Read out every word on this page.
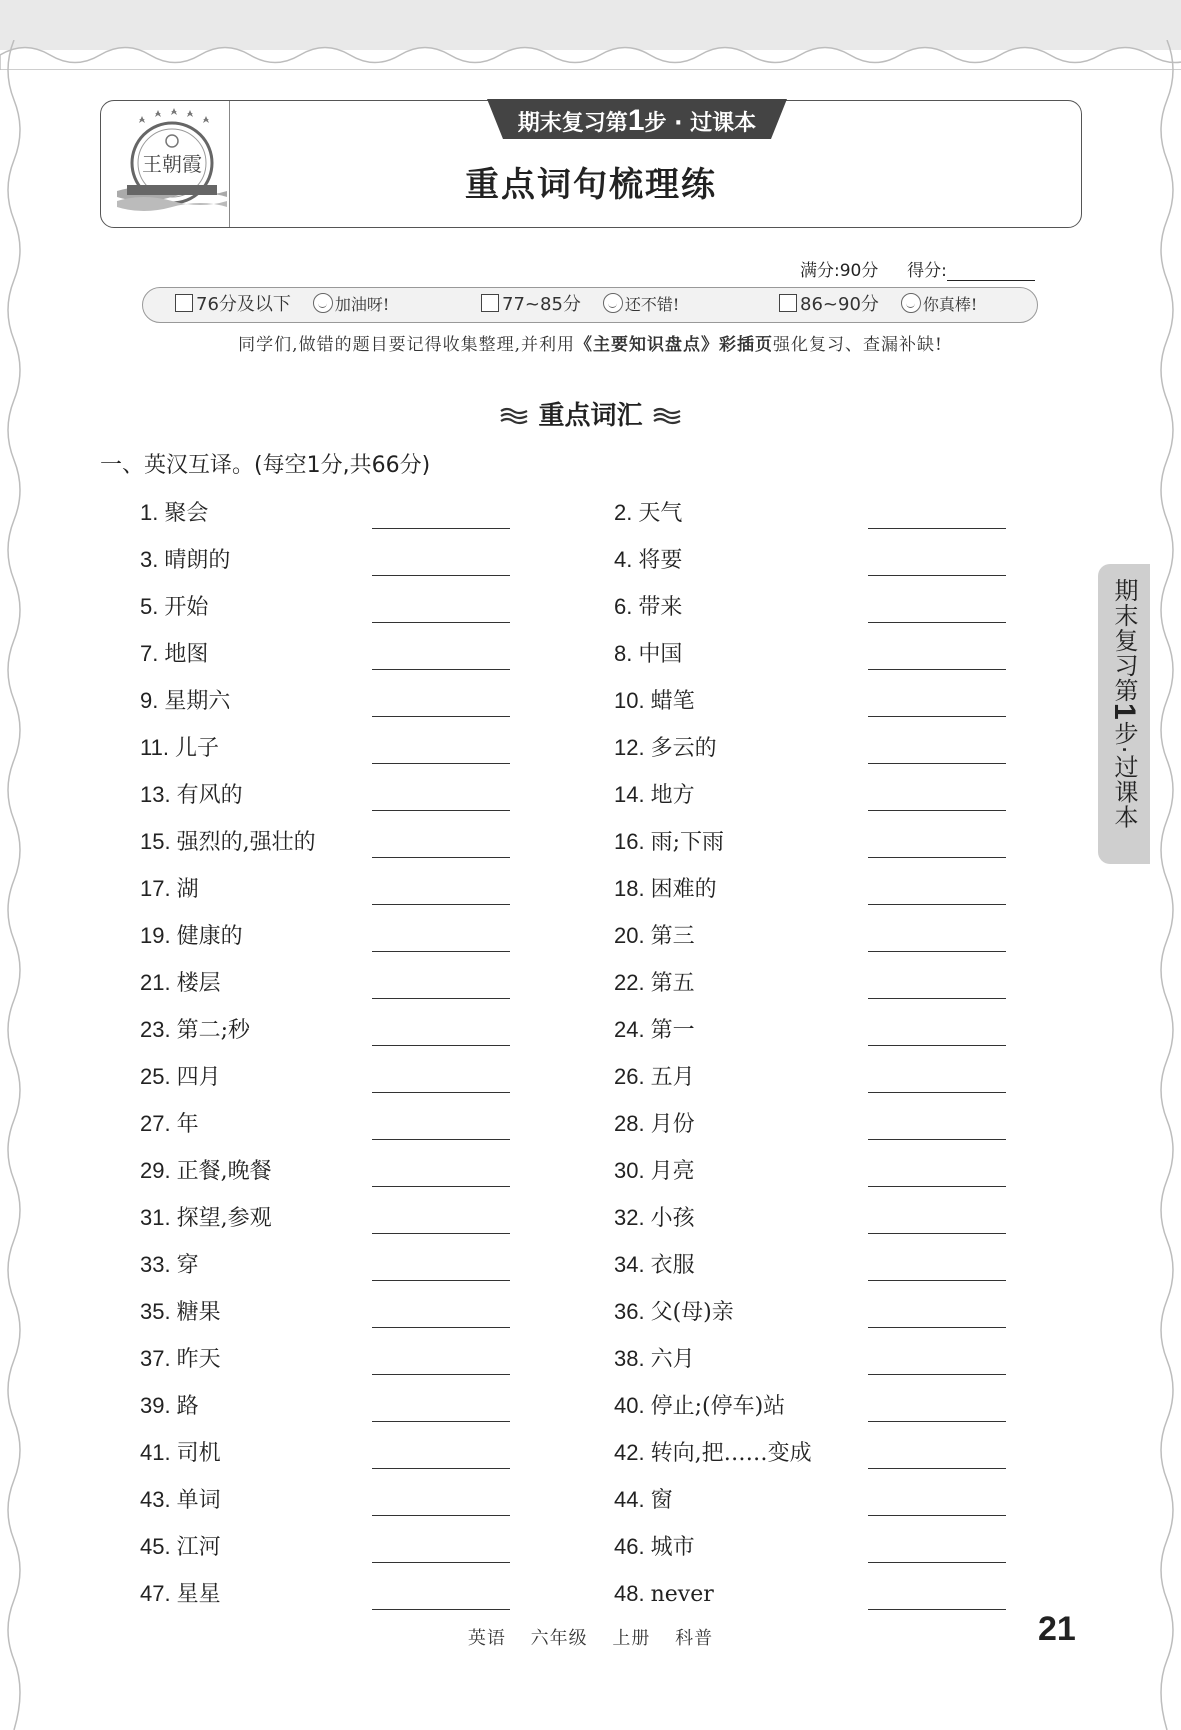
王朝霞
期末复习第1步 · 过课本
重点词句梳理练
满分:90分 得分:
76分及以下	加油呀!	77~85分	还不错!	86~90分	你真棒!
同学们,做错的题目要记得收集整理,并利用《主要知识盘点》彩插页强化复习、查漏补缺!
重点词汇
一、英汉互译。(每空1分,共66分)
1. 聚会	2. 天气
3. 晴朗的	4. 将要
5. 开始	6. 带来
7. 地图	8. 中国
9. 星期六	10. 蜡笔
11. 儿子	12. 多云的
13. 有风的	14. 地方
15. 强烈的,强壮的	16. 雨;下雨
17. 湖	18. 困难的
19. 健康的	20. 第三
21. 楼层	22. 第五
23. 第二;秒	24. 第一
25. 四月	26. 五月
27. 年	28. 月份
29. 正餐,晚餐	30. 月亮
31. 探望,参观	32. 小孩
33. 穿	34. 衣服
35. 糖果	36. 父(母)亲
37. 昨天	38. 六月
39. 路	40. 停止;(停车)站
41. 司机	42. 转向,把……变成
43. 单词	44. 窗
45. 江河	46. 城市
47. 星星	48. never
期末复习第1步·过课本
英语 六年级 上册 科普	21
